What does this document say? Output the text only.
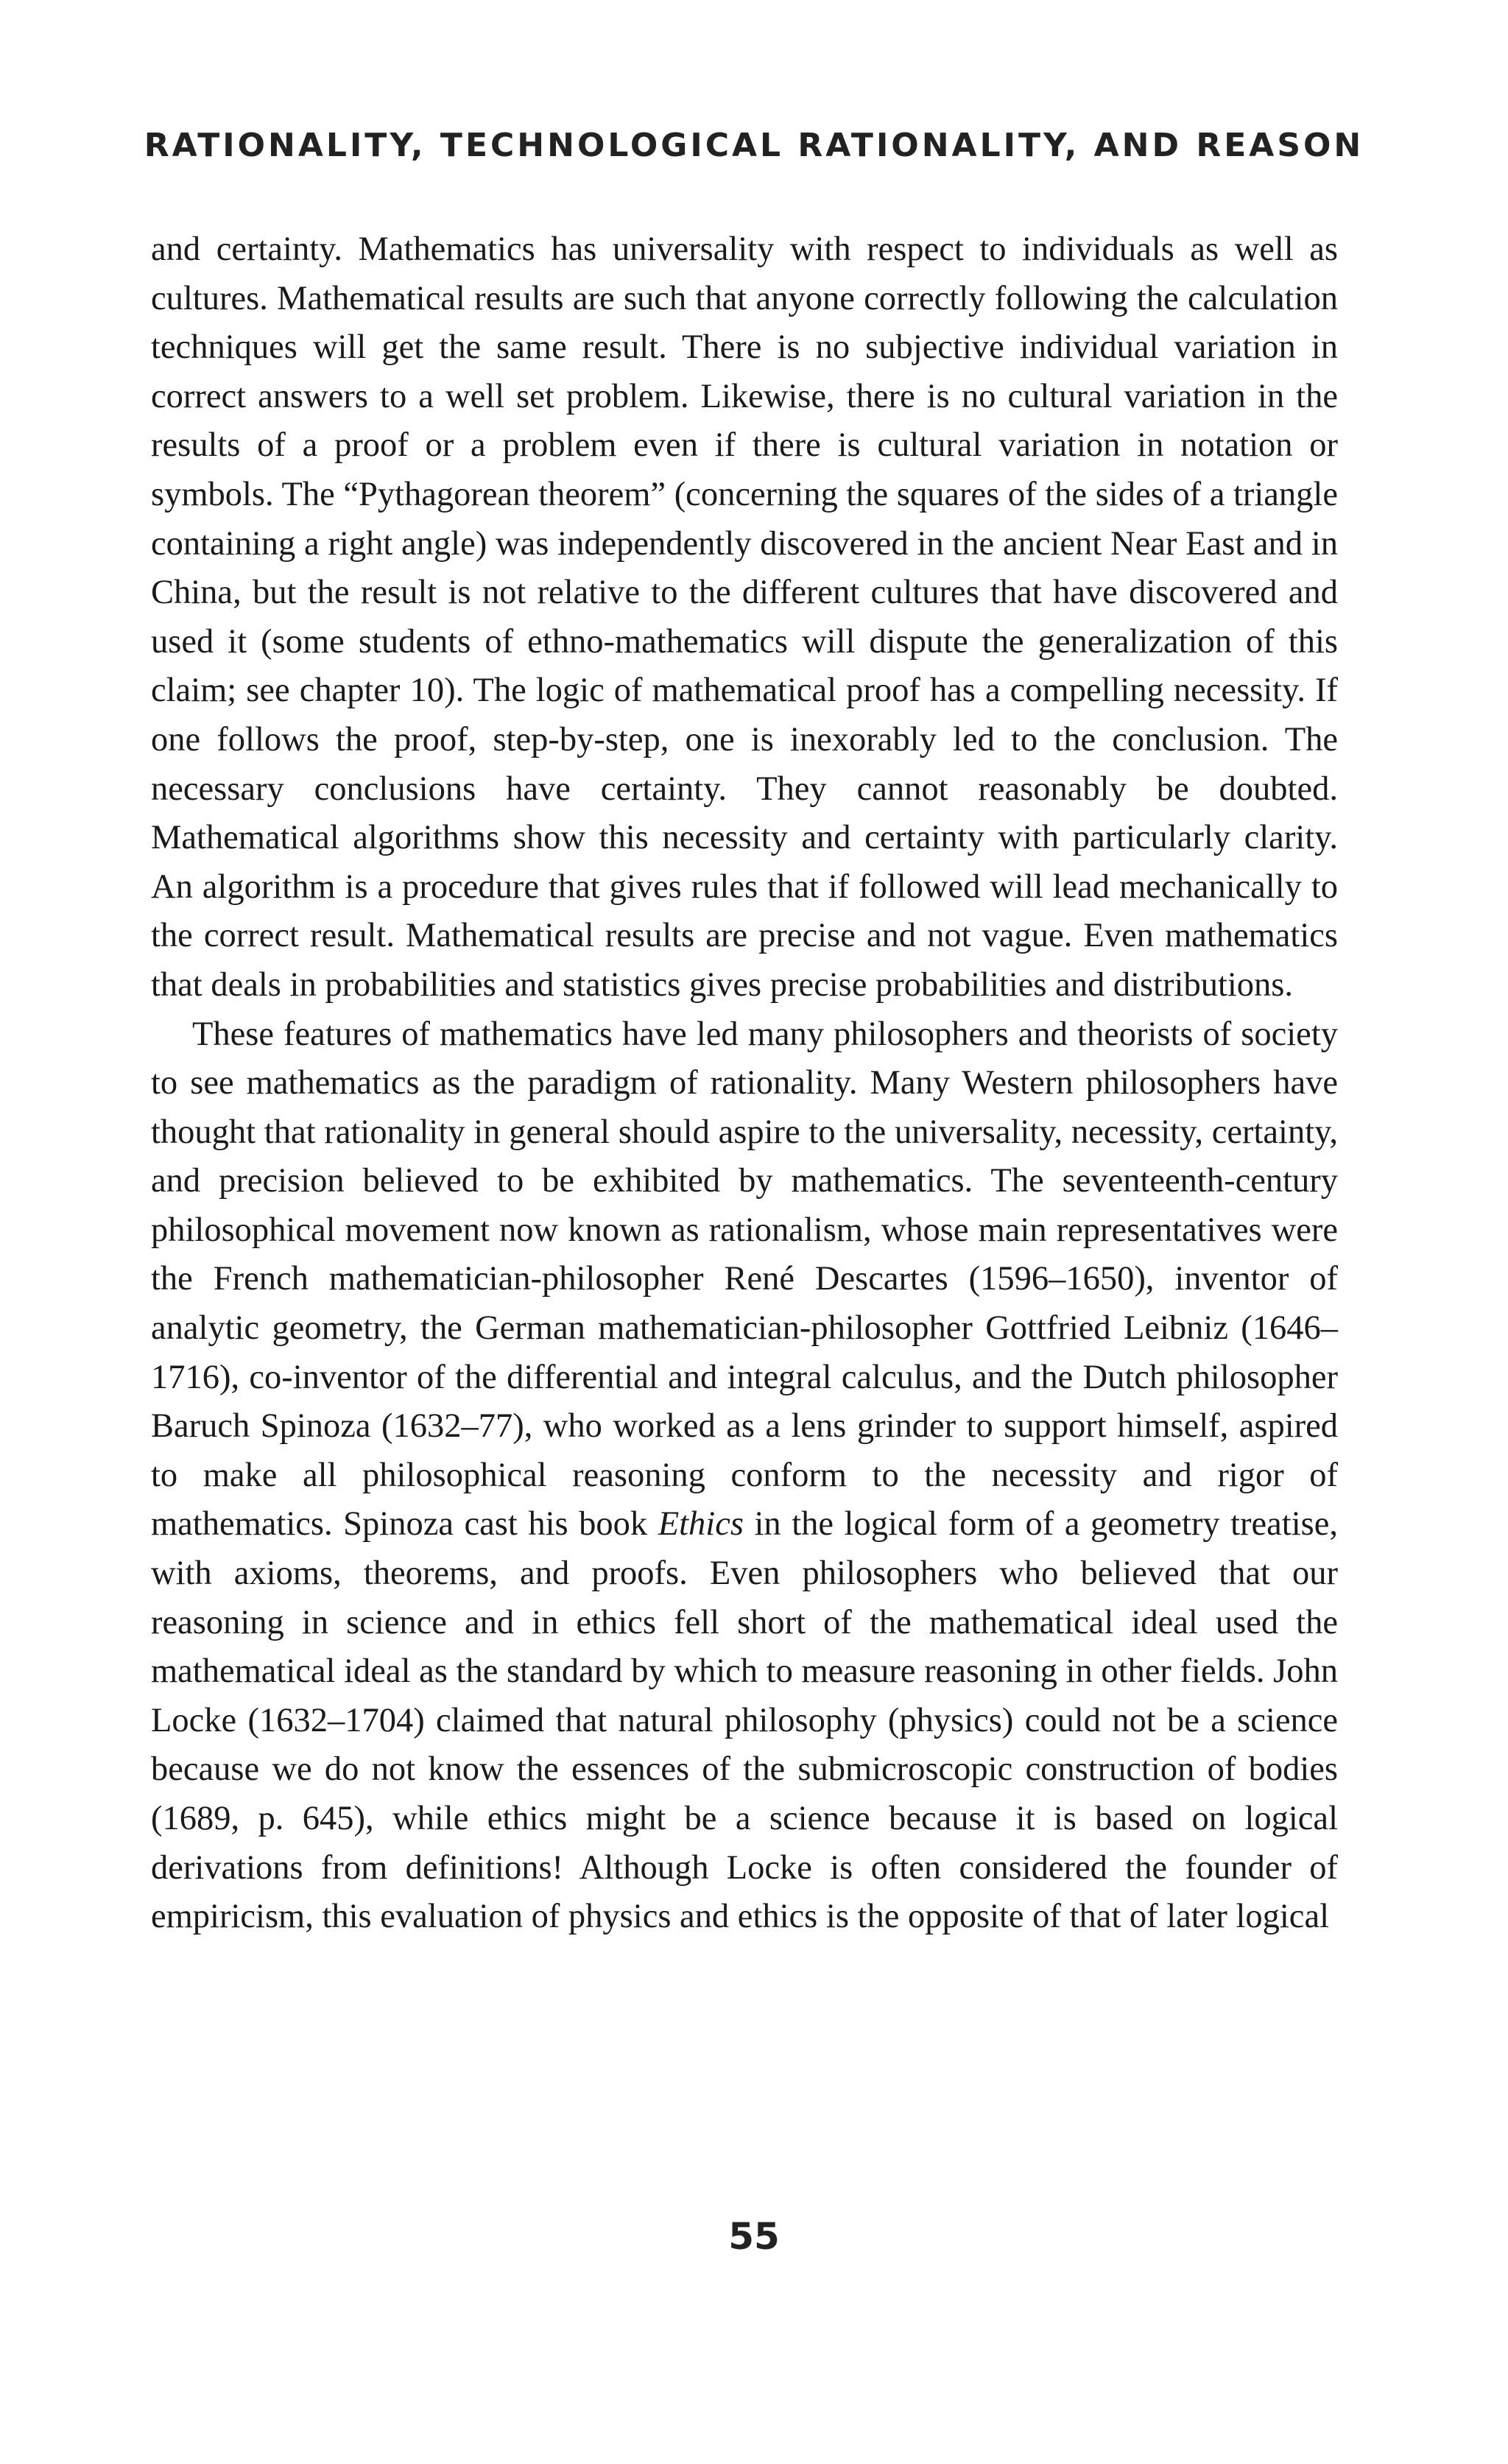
RATIONALITY, TECHNOLOGICAL RATIONALITY, AND REASON

and certainty. Mathematics has universality with respect to individuals as well as cultures. Mathematical results are such that anyone correctly following the calculation techniques will get the same result. There is no subjective individual variation in correct answers to a well set problem. Likewise, there is no cultural variation in the results of a proof or a problem even if there is cultural variation in notation or symbols. The “Pythagorean theorem” (concerning the squares of the sides of a triangle containing a right angle) was independently discovered in the ancient Near East and in China, but the result is not relative to the different cultures that have discovered and used it (some students of ethno-mathematics will dispute the generalization of this claim; see chapter 10). The logic of mathematical proof has a compelling necessity. If one follows the proof, step-by-step, one is inexorably led to the conclusion. The necessary conclusions have certainty. They cannot reasonably be doubted. Mathematical algorithms show this necessity and certainty with particularly clarity. An algorithm is a procedure that gives rules that if followed will lead mechanically to the correct result. Mathematical results are precise and not vague. Even mathematics that deals in probabilities and statistics gives precise probabilities and distributions.

These features of mathematics have led many philosophers and theorists of society to see mathematics as the paradigm of rationality. Many Western philosophers have thought that rationality in general should aspire to the universality, necessity, certainty, and precision believed to be exhibited by mathematics. The seventeenth-century philosophical movement now known as rationalism, whose main representatives were the French mathematician-philosopher René Descartes (1596–1650), inventor of analytic geometry, the German mathematician-philosopher Gottfried Leibniz (1646–1716), co-inventor of the differential and integral calculus, and the Dutch philosopher Baruch Spinoza (1632–77), who worked as a lens grinder to support himself, aspired to make all philosophical reasoning conform to the necessity and rigor of mathematics. Spinoza cast his book Ethics in the logical form of a geometry treatise, with axioms, theorems, and proofs. Even philosophers who believed that our reasoning in science and in ethics fell short of the mathematical ideal used the mathematical ideal as the standard by which to measure reasoning in other fields. John Locke (1632–1704) claimed that natural philosophy (physics) could not be a science because we do not know the essences of the submicroscopic construction of bodies (1689, p. 645), while ethics might be a science because it is based on logical derivations from definitions! Although Locke is often considered the founder of empiricism, this evaluation of physics and ethics is the opposite of that of later logical

55
